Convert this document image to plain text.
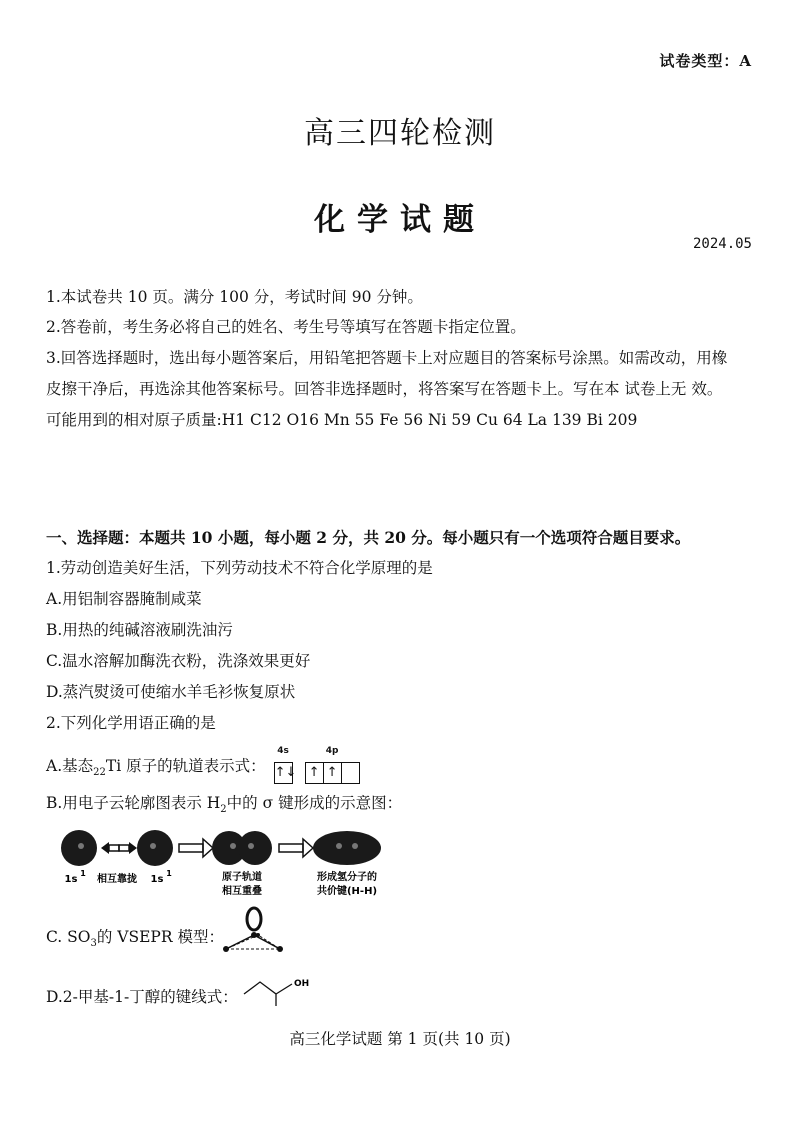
试卷类型：A
高三四轮检测
化学试题
2024.05
1.本试卷共 10 页。满分 100 分，考试时间 90 分钟。
2.答卷前，考生务必将自己的姓名、考生号等填写在答题卡指定位置。
3.回答选择题时，选出每小题答案后，用铅笔把答题卡上对应题目的答案标号涂黑。如需改动，用橡
皮擦干净后，再选涂其他答案标号。回答非选择题时，将答案写在答题卡上。写在本 试卷上无 效。
可能用到的相对原子质量:H1 C12 O16 Mn 55 Fe 56 Ni 59 Cu 64 La 139 Bi 209
一、选择题：本题共 10 小题，每小题 2 分，共 20 分。每小题只有一个选项符合题目要求。
1.劳动创造美好生活，下列劳动技术不符合化学原理的是
A.用铝制容器腌制咸菜
B.用热的纯碱溶液刷洗油污
C.温水溶解加酶洗衣粉，洗涤效果更好
D.蒸汽熨烫可使缩水羊毛衫恢复原状
2.下列化学用语正确的是
A.基态$_{22}$Ti 原子的轨道表示式：
4s
↑↓
4p
↑ ↑
B.用电子云轮廓图表示 $H_2$中的 σ 键形成的示意图：
1s
1
相互靠拢 1s
1	原子轨道
相互重叠
形成氢分子的
共价键(H-H)
C. $SO_3$的 VSEPR 模型：
D.2-甲基-1-丁醇的键线式：
OH
高三化学试题 第 1 页(共 10 页)
